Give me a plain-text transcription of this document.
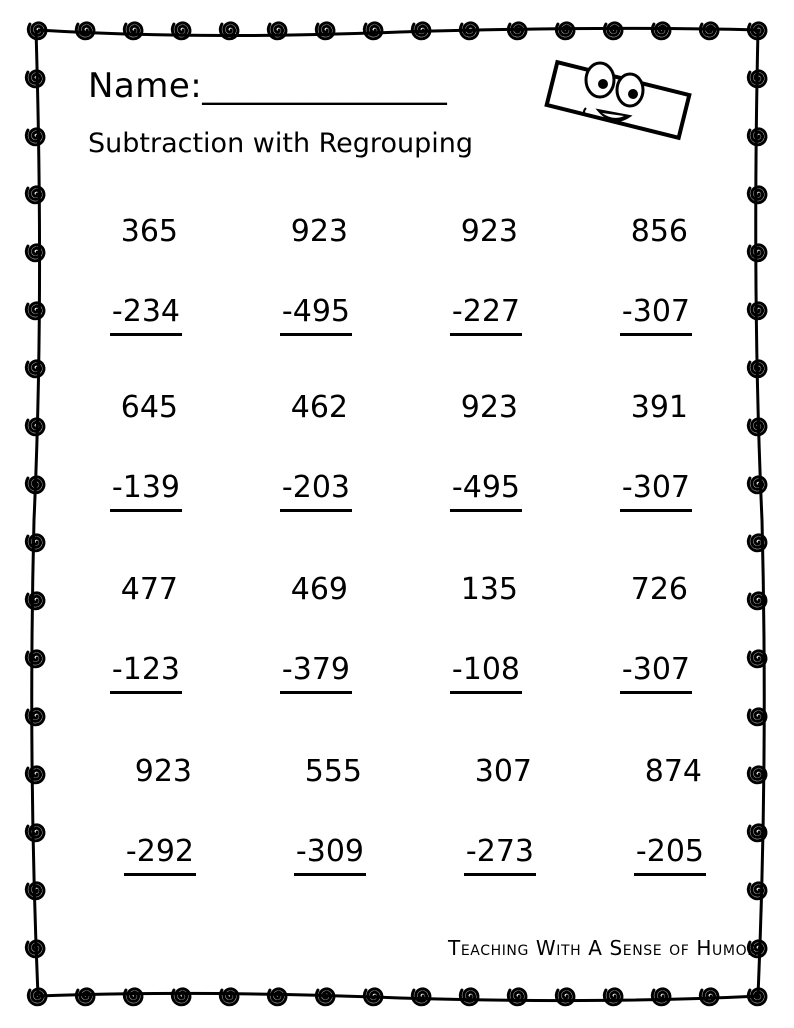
Name:______________
Subtraction with Regrouping
365

-234
923

-495
923

-227
856

-307
645

-139
462

-203
923

-495
391

-307
477

-123
469

-379
135

-108
726

-307
923

-292
555

-309
307

-273
874

-205
Teaching With A Sense of Humor
